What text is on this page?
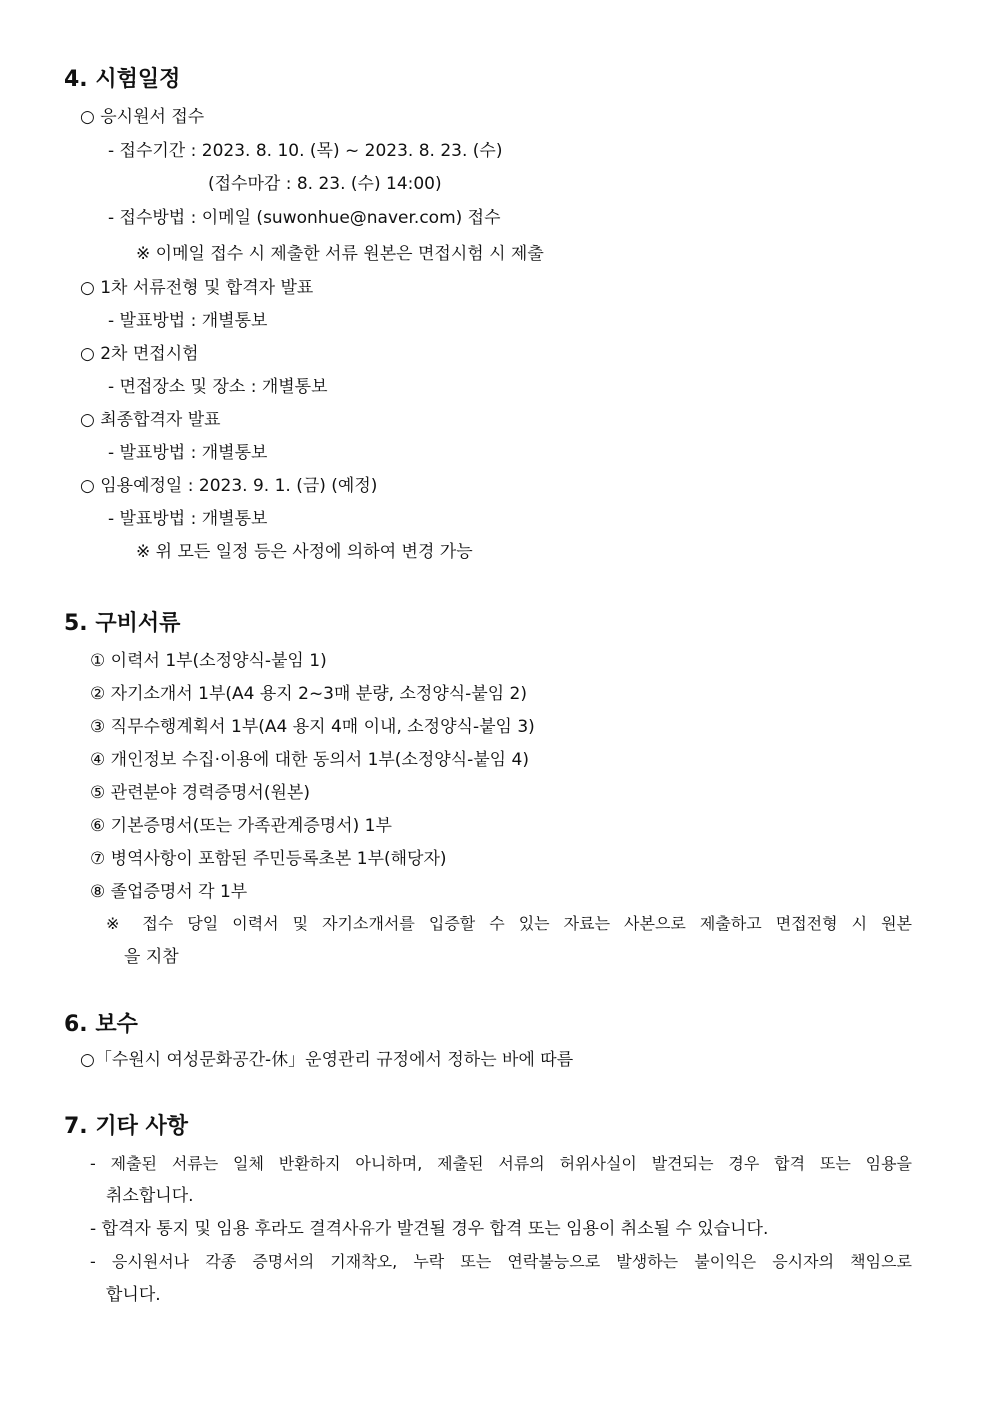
4. 시험일정
○ 응시원서 접수
- 접수기간 : 2023. 8. 10. (목) ~ 2023. 8. 23. (수)
(접수마감 : 8. 23. (수) 14:00)
- 접수방법 : 이메일 (suwonhue@naver.com) 접수
※ 이메일 접수 시 제출한 서류 원본은 면접시험 시 제출
○ 1차 서류전형 및 합격자 발표
- 발표방법 : 개별통보
○ 2차 면접시험
- 면접장소 및 장소 : 개별통보
○ 최종합격자 발표
- 발표방법 : 개별통보
○ 임용예정일 : 2023. 9. 1. (금) (예정)
- 발표방법 : 개별통보
※ 위 모든 일정 등은 사정에 의하여 변경 가능
5. 구비서류
① 이력서 1부(소정양식-붙임 1)
② 자기소개서 1부(A4 용지 2~3매 분량, 소정양식-붙임 2)
③ 직무수행계획서 1부(A4 용지 4매 이내, 소정양식-붙임 3)
④ 개인정보 수집·이용에 대한 동의서 1부(소정양식-붙임 4)
⑤ 관련분야 경력증명서(원본)
⑥ 기본증명서(또는 가족관계증명서) 1부
⑦ 병역사항이 포함된 주민등록초본 1부(해당자)
⑧ 졸업증명서 각 1부
※ 접수 당일 이력서 및 자기소개서를 입증할 수 있는 자료는 사본으로 제출하고 면접전형 시 원본
을 지참
6. 보수
○「수원시 여성문화공간-休」운영관리 규정에서 정하는 바에 따름
7. 기타 사항
- 제출된 서류는 일체 반환하지 아니하며, 제출된 서류의 허위사실이 발견되는 경우 합격 또는 임용을
취소합니다.
- 합격자 통지 및 임용 후라도 결격사유가 발견될 경우 합격 또는 임용이 취소될 수 있습니다.
- 응시원서나 각종 증명서의 기재착오, 누락 또는 연락불능으로 발생하는 불이익은 응시자의 책임으로
합니다.
